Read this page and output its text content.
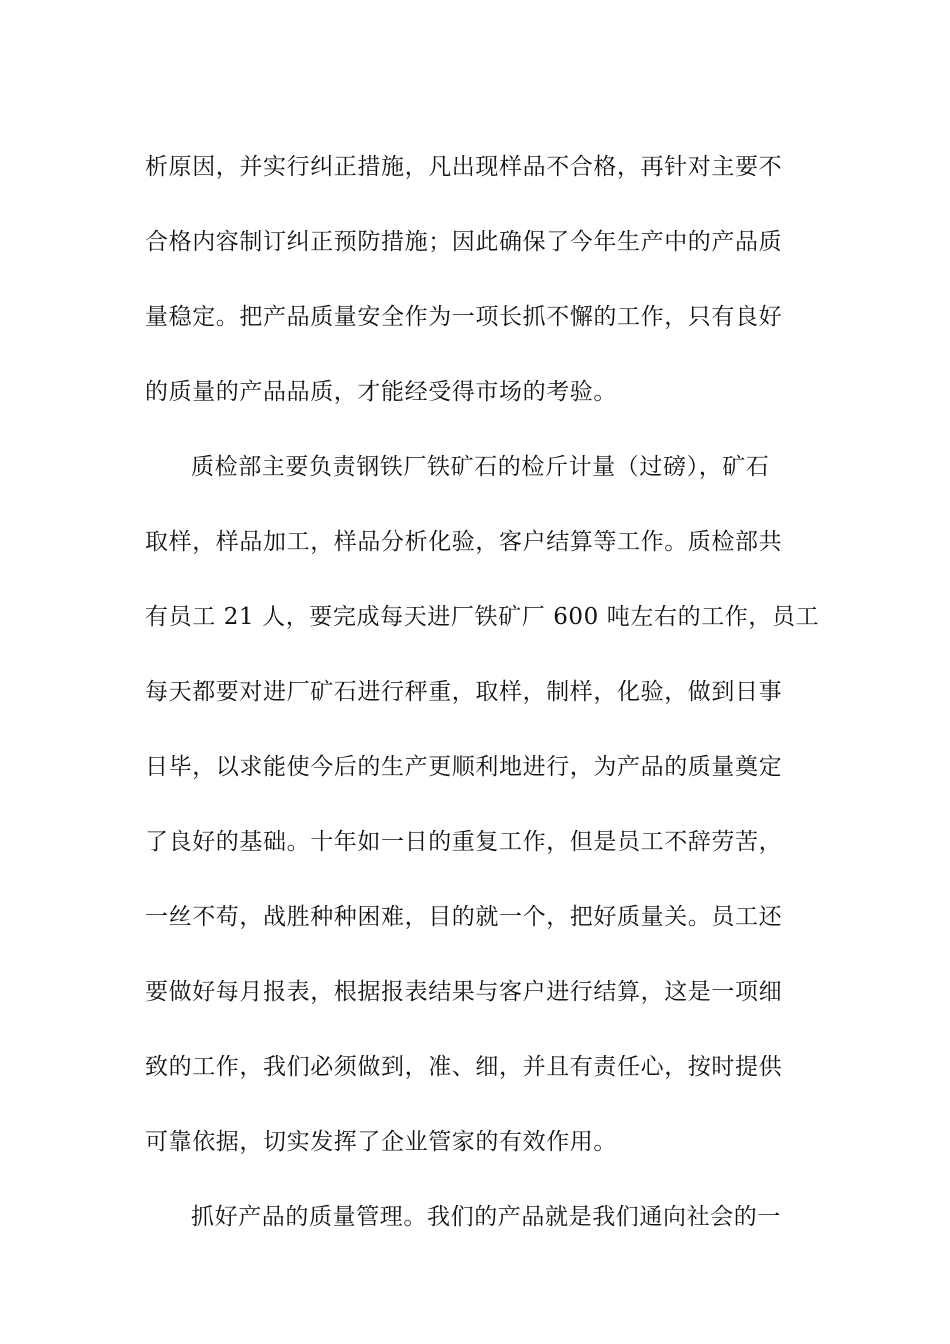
析原因，并实行纠正措施，凡出现样品不合格，再针对主要不
合格内容制订纠正预防措施；因此确保了今年生产中的产品质
量稳定。把产品质量安全作为一项长抓不懈的工作，只有良好
的质量的产品品质，才能经受得市场的考验。
质检部主要负责钢铁厂铁矿石的检斤计量（过磅），矿石
取样，样品加工，样品分析化验，客户结算等工作。质检部共
有员工 21 人，要完成每天进厂铁矿厂 600 吨左右的工作，员工
每天都要对进厂矿石进行秤重，取样，制样，化验，做到日事
日毕，以求能使今后的生产更顺利地进行，为产品的质量奠定
了良好的基础。十年如一日的重复工作，但是员工不辞劳苦，
一丝不苟，战胜种种困难，目的就一个，把好质量关。员工还
要做好每月报表，根据报表结果与客户进行结算，这是一项细
致的工作，我们必须做到，准、细，并且有责任心，按时提供
可靠依据，切实发挥了企业管家的有效作用。
抓好产品的质量管理。我们的产品就是我们通向社会的一
